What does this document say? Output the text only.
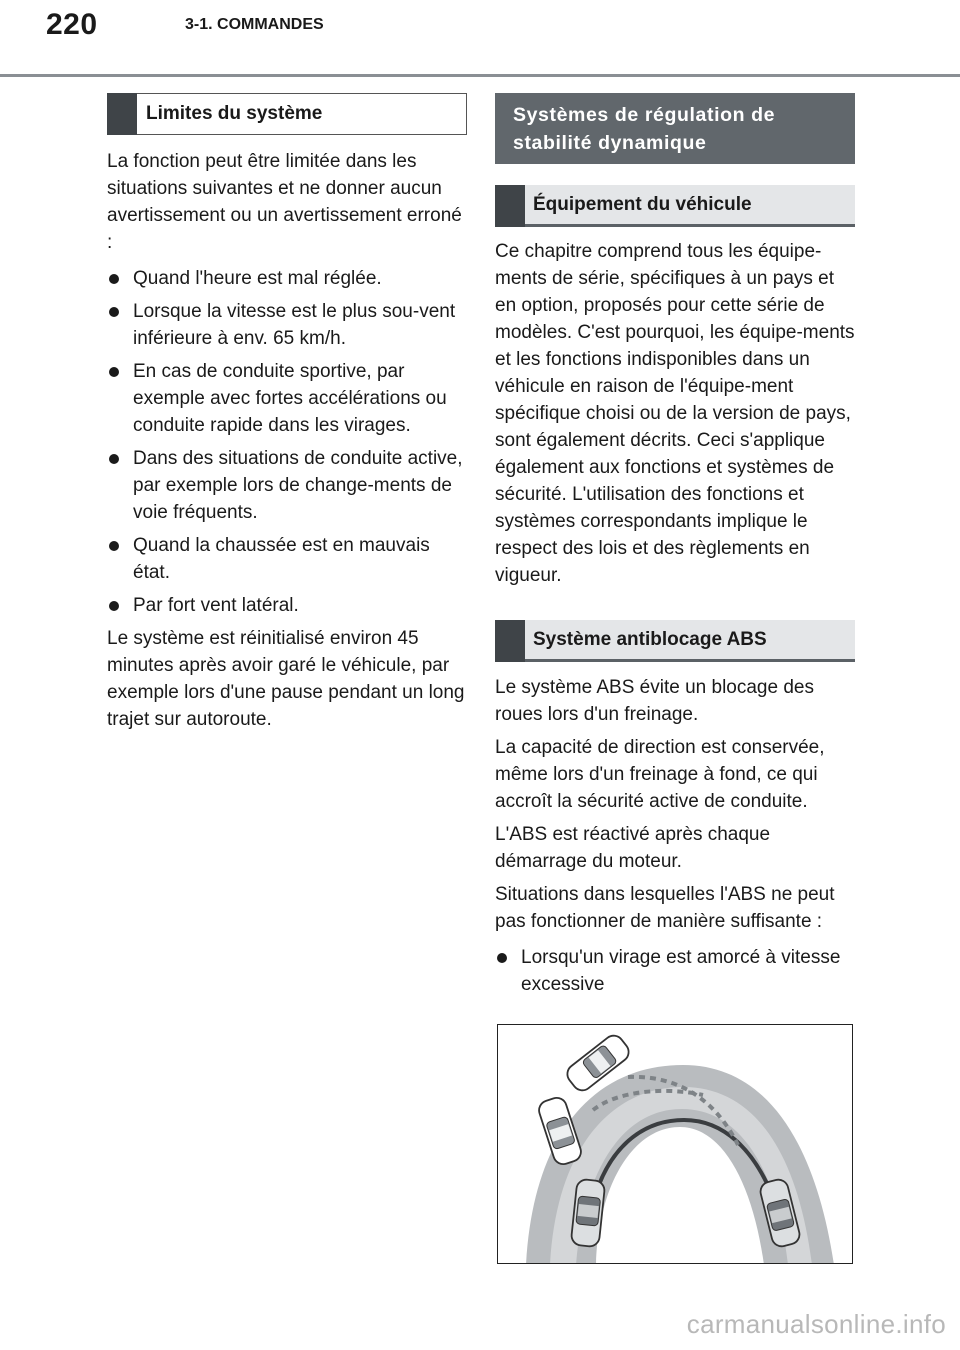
220	3-1. COMMANDES
Limites du système

La fonction peut être limitée dans les situations suivantes et ne donner aucun avertissement ou un avertissement erroné :

Quand l'heure est mal réglée.
Lorsque la vitesse est le plus sou-vent inférieure à env. 65 km/h.
En cas de conduite sportive, par exemple avec fortes accélérations ou conduite rapide dans les virages.
Dans des situations de conduite active, par exemple lors de change-ments de voie fréquents.
Quand la chaussée est en mauvais état.
Par fort vent latéral.

Le système est réinitialisé environ 45 minutes après avoir garé le véhicule, par exemple lors d'une pause pendant un long trajet sur autoroute.

Systèmes de régulation de stabilité dynamique
Équipement du véhicule

Ce chapitre comprend tous les équipe-ments de série, spécifiques à un pays et en option, proposés pour cette série de modèles. C'est pourquoi, les équipe-ments et les fonctions indisponibles dans un véhicule en raison de l'équipe-ment spécifique choisi ou de la version de pays, sont également décrits. Ceci s'applique également aux fonctions et systèmes de sécurité. L'utilisation des fonctions et systèmes correspondants implique le respect des lois et des règlements en vigueur.

Système antiblocage ABS

Le système ABS évite un blocage des roues lors d'un freinage.

La capacité de direction est conservée, même lors d'un freinage à fond, ce qui accroît la sécurité active de conduite.

L'ABS est réactivé après chaque démarrage du moteur.

Situations dans lesquelles l'ABS ne peut pas fonctionner de manière suffisante :

Lorsqu'un virage est amorcé à vitesse excessive
carmanualsonline.info
